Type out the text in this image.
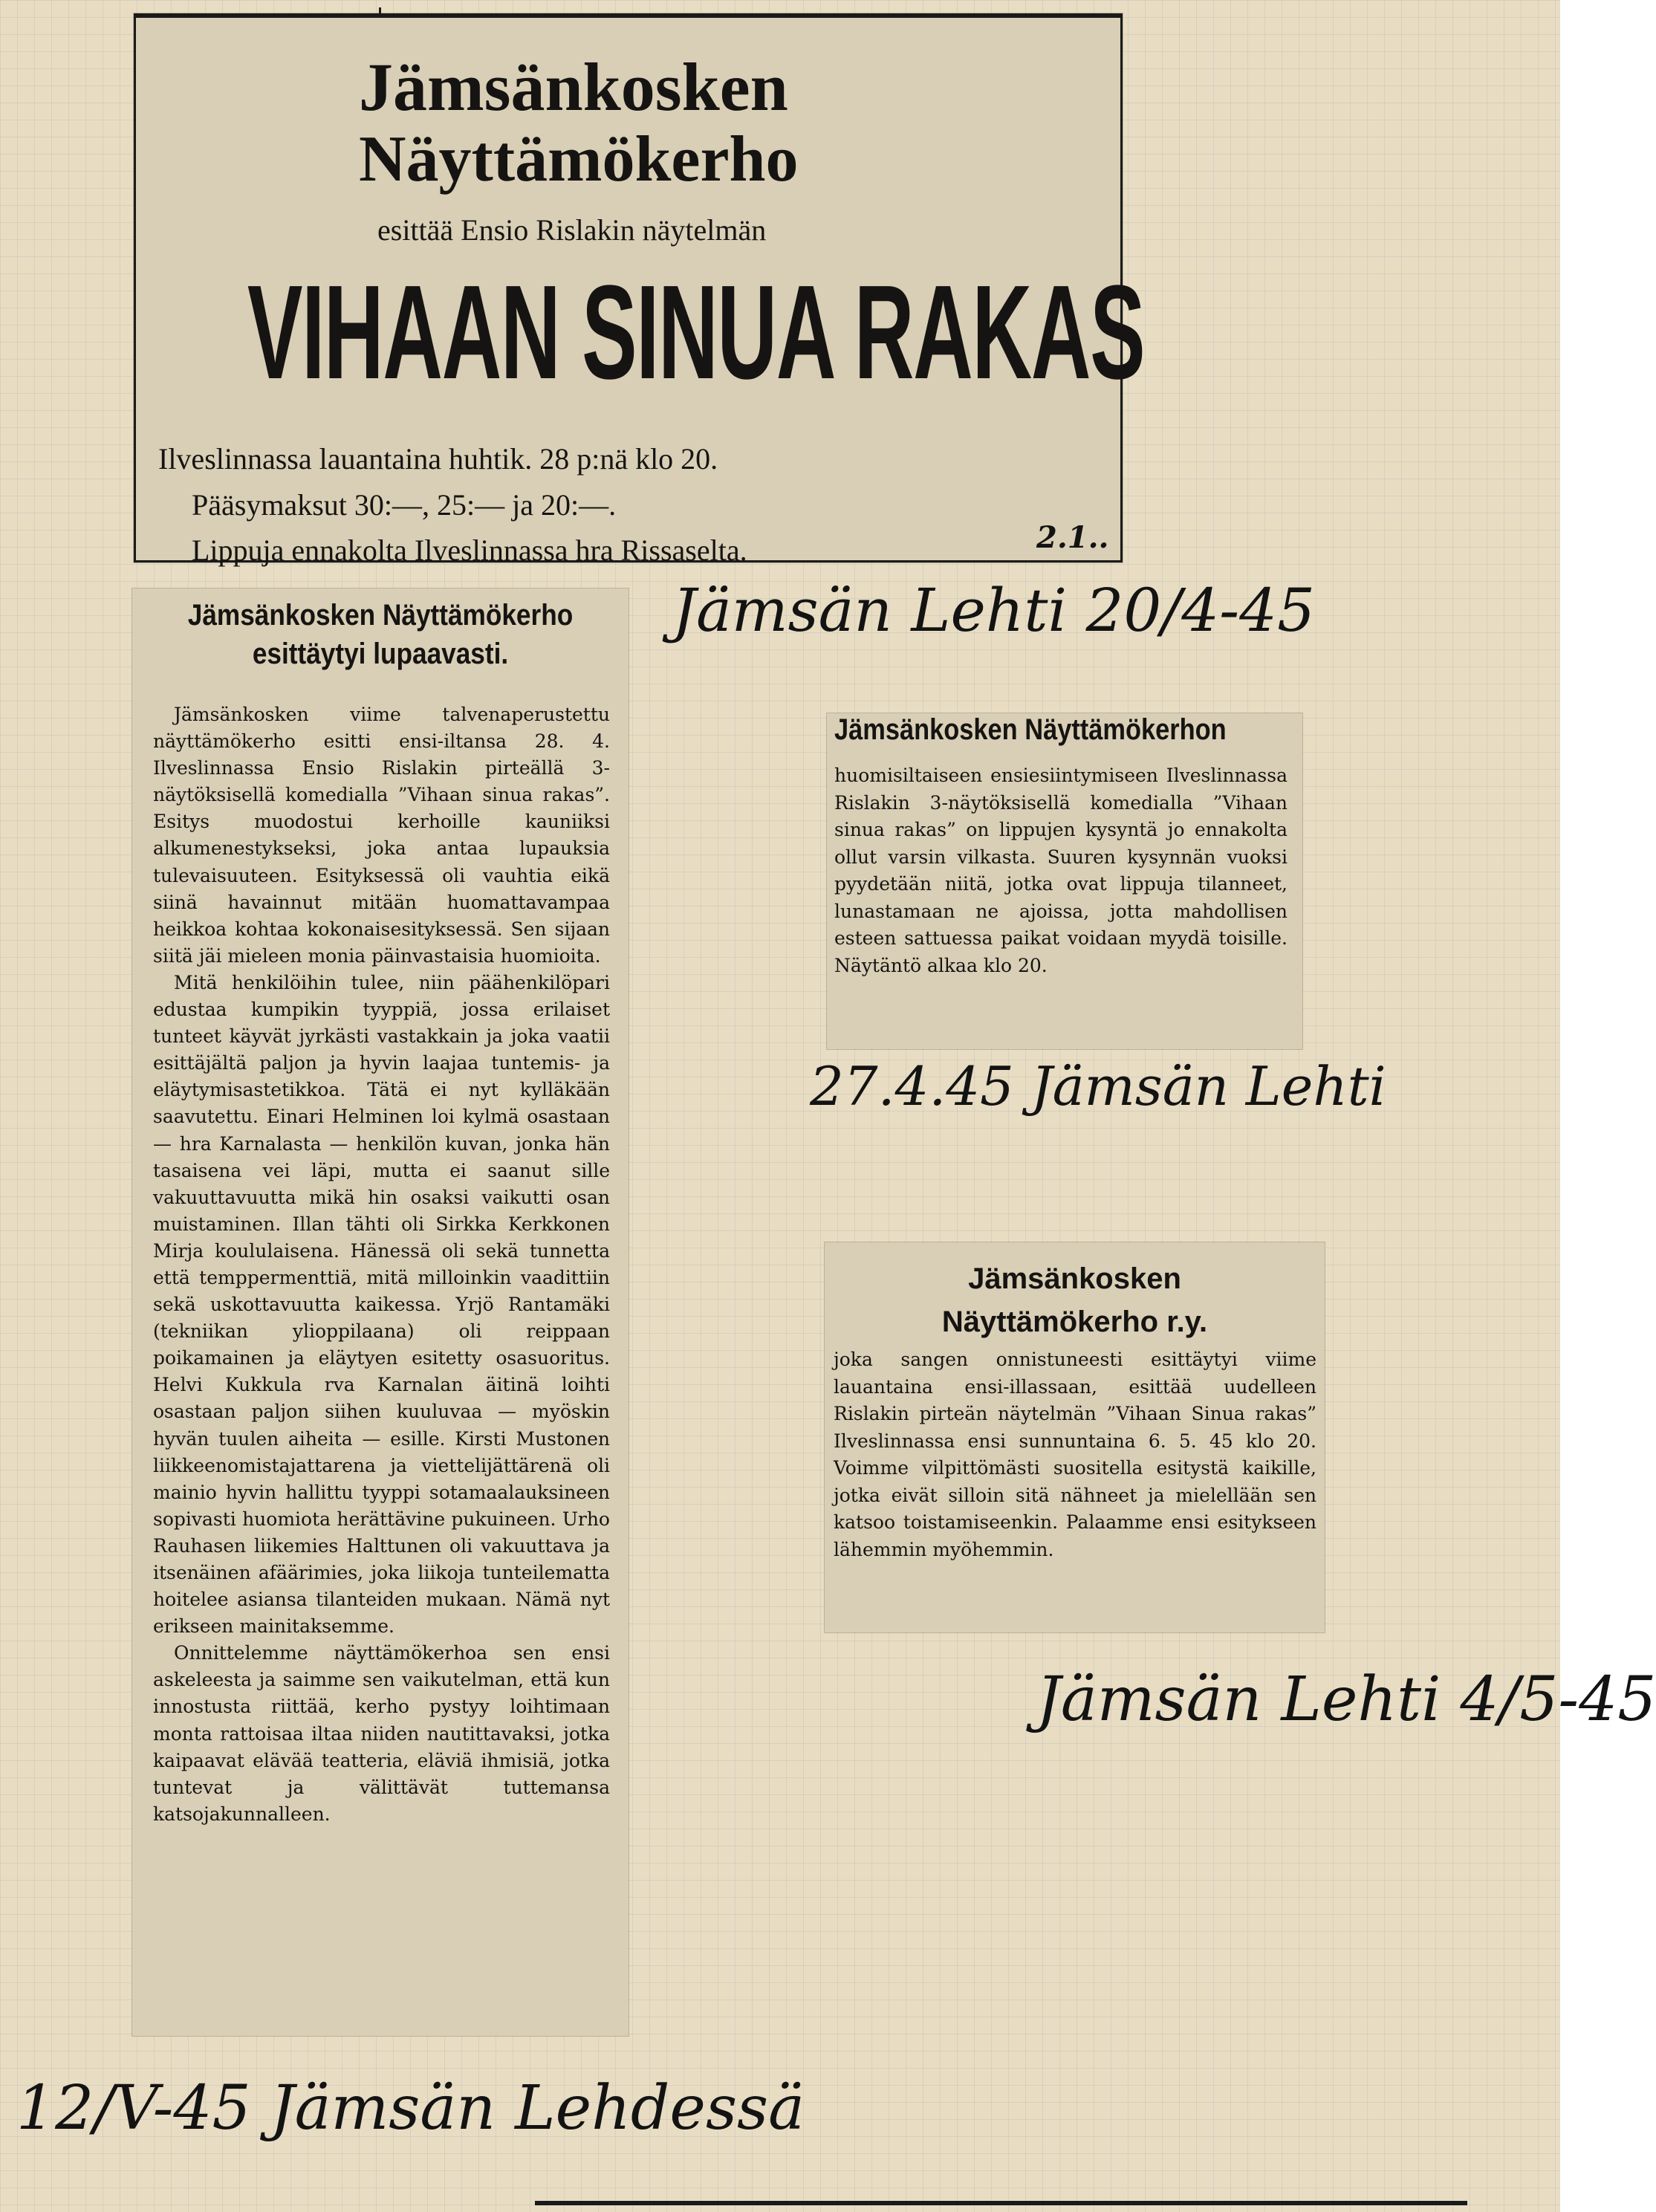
Jämsänkosken
Näyttämökerho
esittää Ensio Rislakin näytelmän
VIHAAN SINUA RAKAS
Ilveslinnassa lauantaina huhtik. 28 p:nä klo 20.
Pääsymaksut 30:—, 25:— ja 20:—.
Lippuja ennakolta Ilveslinnassa hra Rissaselta.	2.1..
Jämsänkosken Näyttämökerho
esittäytyi lupaavasti.

Jämsänkosken viime talvenaperustettu näyttämökerho esitti ensi-iltansa 28. 4. Ilveslinnassa Ensio Rislakin pirteällä 3-näytöksisellä komedialla ”Vihaan sinua rakas”. Esitys muodostui kerhoille kauniiksi alkumenestykseksi, joka antaa lupauksia tulevaisuuteen. Esityksessä oli vauhtia eikä siinä havainnut mitään huomattavampaa heikkoa kohtaa kokonaisesityksessä. Sen sijaan siitä jäi mieleen monia päinvastaisia huomioita.

Mitä henkilöihin tulee, niin päähenkilöpari edustaa kumpikin tyyppiä, jossa erilaiset tunteet käyvät jyrkästi vastakkain ja joka vaatii esittäjältä paljon ja hyvin laajaa tuntemis- ja eläytymisastetikkoa. Tätä ei nyt kylläkään saavutettu. Einari Helminen loi kylmä osastaan — hra Karnalasta — henkilön kuvan, jonka hän tasaisena vei läpi, mutta ei saanut sille vakuuttavuutta mikä hin osaksi vaikutti osan muistaminen. Illan tähti oli Sirkka Kerkkonen Mirja koululaisena. Hänessä oli sekä tunnetta että temppermenttiä, mitä milloinkin vaadittiin sekä uskottavuutta kaikessa. Yrjö Rantamäki (tekniikan ylioppilaana) oli reippaan poikamainen ja eläytyen esitetty osasuoritus. Helvi Kukkula rva Karnalan äitinä loihti osastaan paljon siihen kuuluvaa — myöskin hyvän tuulen aiheita — esille. Kirsti Mustonen liikkeenomistajattarena ja viettelijättärenä oli mainio hyvin hallittu tyyppi sotamaalauksineen sopivasti huomiota herättävine pukuineen. Urho Rauhasen liikemies Halttunen oli vakuuttava ja itsenäinen afäärimies, joka liikoja tunteilematta hoitelee asiansa tilanteiden mukaan. Nämä nyt erikseen mainitaksemme.

Onnittelemme näyttämökerhoa sen ensi askeleesta ja saimme sen vaikutelman, että kun innostusta riittää, kerho pystyy loihtimaan monta rattoisaa iltaa niiden nautittavaksi, jotka kaipaavat elävää teatteria, eläviä ihmisiä, jotka tuntevat ja välittävät tuttemansa katsojakunnalleen.

Jämsän Lehti 20/4-45
Jämsänkosken Näyttämökerhon
huomisiltaiseen ensiesiintymiseen Ilveslinnassa Rislakin 3-näytöksisellä komedialla ”Vihaan sinua rakas” on lippujen kysyntä jo ennakolta ollut varsin vilkasta. Suuren kysynnän vuoksi pyydetään niitä, jotka ovat lippuja tilanneet, lunastamaan ne ajoissa, jotta mahdollisen esteen sattuessa paikat voidaan myydä toisille. Näytäntö alkaa klo 20.
27.4.45 Jämsän Lehti
Jämsänkosken
Näyttämökerho r.y.
joka sangen onnistuneesti esittäytyi viime lauantaina ensi-illassaan, esittää uudelleen Rislakin pirteän näytelmän ”Vihaan Sinua rakas” Ilveslinnassa ensi sunnuntaina 6. 5. 45 klo 20. Voimme vilpittömästi suositella esitystä kaikille, jotka eivät silloin sitä nähneet ja mielellään sen katsoo toistamiseenkin. Palaamme ensi esitykseen lähemmin myöhemmin.
Jämsän Lehti 4/5-45
12/V-45 Jämsän Lehdessä
